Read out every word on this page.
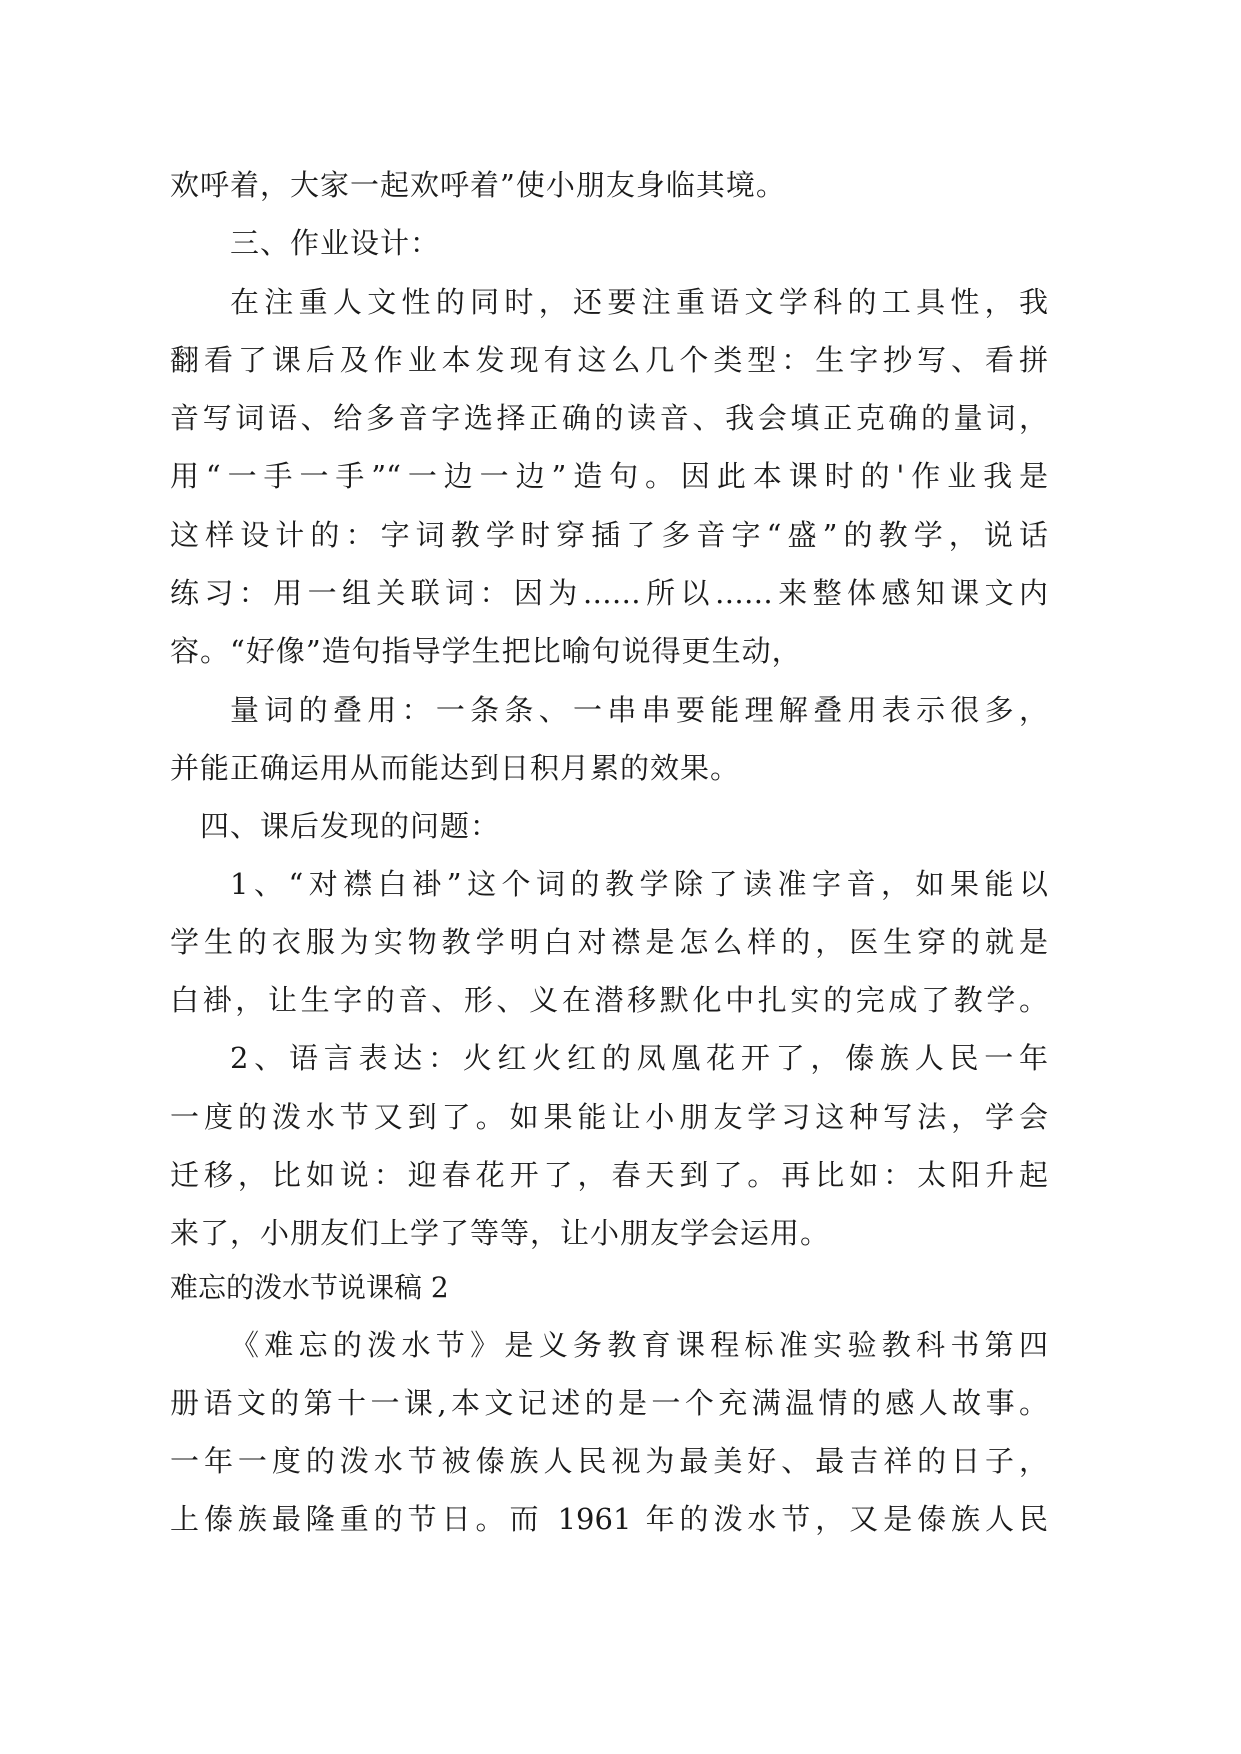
欢呼着，大家一起欢呼着”使小朋友身临其境。
三、作业设计：
在注重人文性的同时，还要注重语文学科的工具性，我
翻看了课后及作业本发现有这么几个类型：生字抄写、看拼
音写词语、给多音字选择正确的读音、我会填正克确的量词，
用“一手一手”“一边一边”造句。因此本课时的'作业我是
这样设计的：字词教学时穿插了多音字“盛”的教学，说话
练习：用一组关联词：因为……所以……来整体感知课文内
容。“好像”造句指导学生把比喻句说得更生动，
量词的叠用：一条条、一串串要能理解叠用表示很多，
并能正确运用从而能达到日积月累的效果。
四、课后发现的问题：
1、“对襟白褂”这个词的教学除了读准字音，如果能以
学生的衣服为实物教学明白对襟是怎么样的，医生穿的就是
白褂，让生字的音、形、义在潜移默化中扎实的完成了教学。
2、语言表达：火红火红的凤凰花开了，傣族人民一年
一度的泼水节又到了。如果能让小朋友学习这种写法，学会
迁移，比如说：迎春花开了，春天到了。再比如：太阳升起
来了，小朋友们上学了等等，让小朋友学会运用。
难忘的泼水节说课稿 2
《难忘的泼水节》是义务教育课程标准实验教科书第四
册语文的第十一课,本文记述的是一个充满温情的感人故事。
一年一度的泼水节被傣族人民视为最美好、最吉祥的日子，
上傣族最隆重的节日。而 1961 年的泼水节，又是傣族人民
